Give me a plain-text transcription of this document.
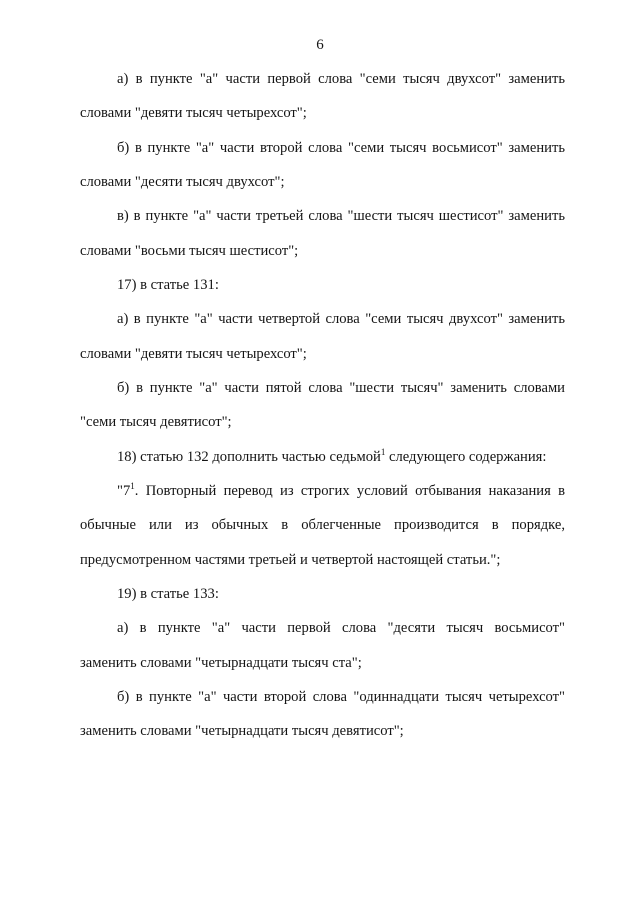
6
а) в пункте "а" части первой слова "семи тысяч двухсот" заменить
словами "девяти тысяч четырехсот";
б) в пункте "а" части второй слова "семи тысяч восьмисот" заменить
словами "десяти тысяч двухсот";
в) в пункте "а" части третьей слова "шести тысяч шестисот" заменить
словами "восьми тысяч шестисот";
17) в статье 131:
а) в пункте "а" части четвертой слова "семи тысяч двухсот" заменить
словами "девяти тысяч четырехсот";
б) в пункте "а" части пятой слова "шести тысяч" заменить словами
"семи тысяч девятисот";
18) статью 132 дополнить частью седьмой$^1$ следующего содержания:
"$7^1$. Повторный перевод из строгих условий отбывания наказания в
обычные или из обычных в облегченные производится в порядке,
предусмотренном частями третьей и четвертой настоящей статьи.";
19) в статье 133:
а) в пункте "а" части первой слова "десяти тысяч восьмисот"
заменить словами "четырнадцати тысяч ста";
б) в пункте "а" части второй слова "одиннадцати тысяч четырехсот"
заменить словами "четырнадцати тысяч девятисот";
